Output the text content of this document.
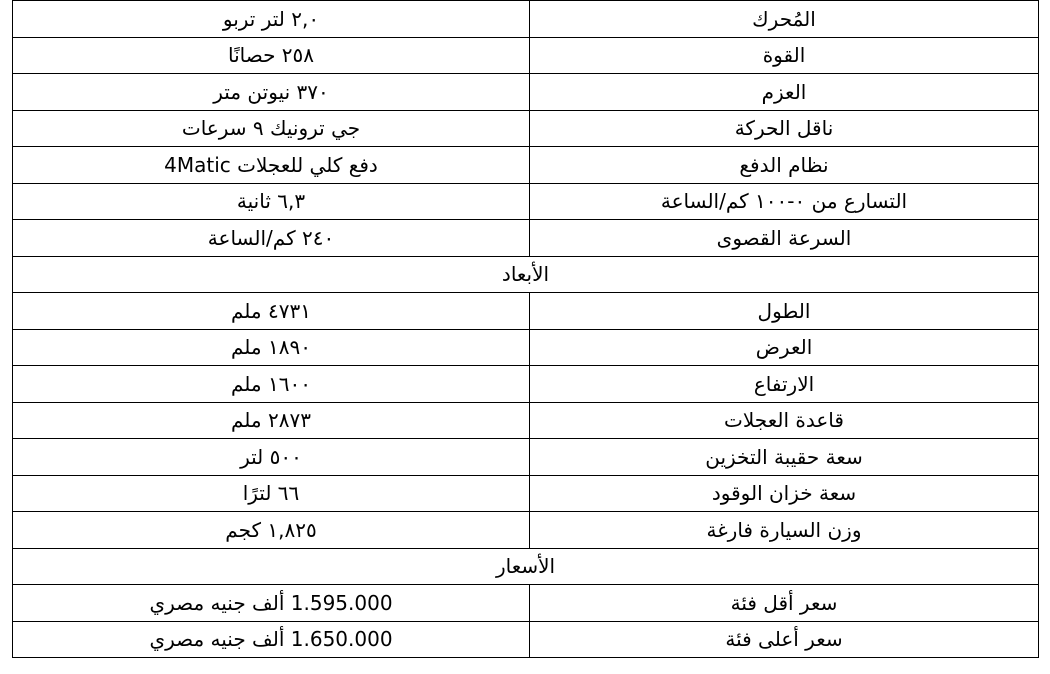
المُحرك	٢,٠ لتر تربو
القوة	٢٥٨ حصانًا
العزم	٣٧٠ نيوتن متر
ناقل الحركة	جي ترونيك ٩ سرعات
نظام الدفع	دفع كلي للعجلات 4Matic
التسارع من ٠-١٠٠ كم/الساعة	٦,٣ ثانية
السرعة القصوى	٢٤٠ كم/الساعة
الأبعاد	
الطول	٤٧٣١ ملم
العرض	١٨٩٠ ملم
الارتفاع	١٦٠٠ ملم
قاعدة العجلات	٢٨٧٣ ملم
سعة حقيبة التخزين	٥٠٠ لتر
سعة خزان الوقود	٦٦ لترًا
وزن السيارة فارغة	١,٨٢٥ كجم
الأسعار	
سعر أقل فئة	1.595.000 ألف جنيه مصري
سعر أعلى فئة	1.650.000 ألف جنيه مصري
